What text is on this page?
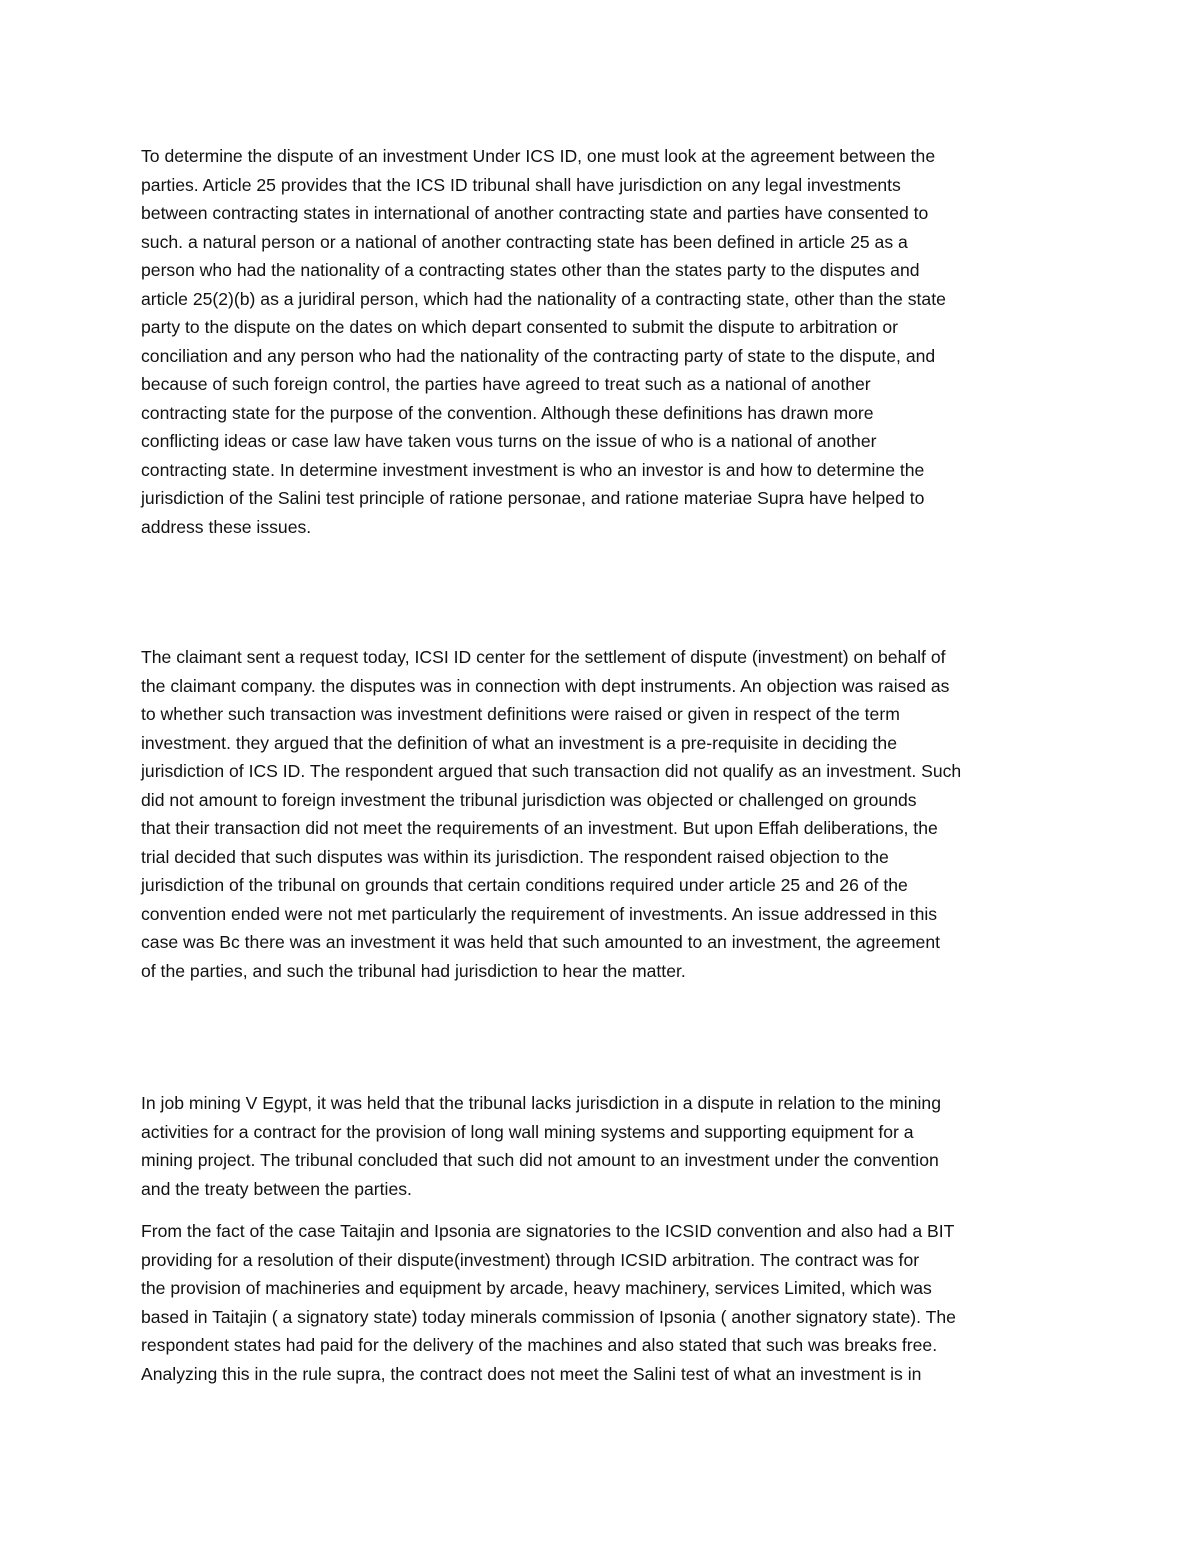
To determine the dispute of an investment Under ICS ID, one must look at the agreement between the
parties. Article 25 provides that the ICS ID tribunal shall have jurisdiction on any legal investments
between contracting states in international of another contracting state and parties have consented to
such. a natural person or a national of another contracting state has been defined in article 25 as a
person who had the nationality of a contracting states other than the states party to the disputes and
article 25(2)(b) as a juridiral person, which had the nationality of a contracting state, other than the state
party to the dispute on the dates on which depart consented to submit the dispute to arbitration or
conciliation and any person who had the nationality of the contracting party of state to the dispute, and
because of such foreign control, the parties have agreed to treat such as a national of another
contracting state for the purpose of the convention. Although these definitions has drawn more
conflicting ideas or case law have taken vous turns on the issue of who is a national of another
contracting state. In determine investment investment is who an investor is and how to determine the
jurisdiction of the Salini test principle of ratione personae, and ratione materiae Supra have helped to
address these issues.

The claimant sent a request today, ICSI ID center for the settlement of dispute (investment) on behalf of
the claimant company. the disputes was in connection with dept instruments. An objection was raised as
to whether such transaction was investment definitions were raised or given in respect of the term
investment. they argued that the definition of what an investment is a pre-requisite in deciding the
jurisdiction of ICS ID. The respondent argued that such transaction did not qualify as an investment. Such
did not amount to foreign investment the tribunal jurisdiction was objected or challenged on grounds
that their transaction did not meet the requirements of an investment. But upon Effah deliberations, the
trial decided that such disputes was within its jurisdiction. The respondent raised objection to the
jurisdiction of the tribunal on grounds that certain conditions required under article 25 and 26 of the
convention ended were not met particularly the requirement of investments. An issue addressed in this
case was Bc there was an investment it was held that such amounted to an investment, the agreement
of the parties, and such the tribunal had jurisdiction to hear the matter.

In job mining V Egypt, it was held that the tribunal lacks jurisdiction in a dispute in relation to the mining
activities for a contract for the provision of long wall mining systems and supporting equipment for a
mining project. The tribunal concluded that such did not amount to an investment under the convention
and the treaty between the parties.

From the fact of the case Taitajin and Ipsonia are signatories to the ICSID convention and also had a BIT
providing for a resolution of their dispute(investment) through ICSID arbitration. The contract was for
the provision of machineries and equipment by arcade, heavy machinery, services Limited, which was
based in Taitajin ( a signatory state) today minerals commission of Ipsonia ( another signatory state). The
respondent states had paid for the delivery of the machines and also stated that such was breaks free.
Analyzing this in the rule supra, the contract does not meet the Salini test of what an investment is in
